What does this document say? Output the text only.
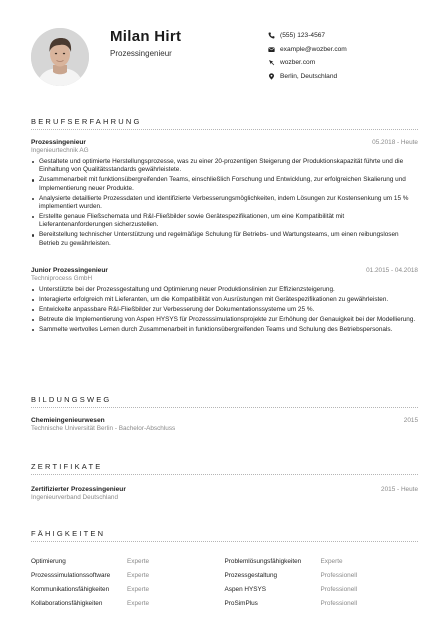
Milan Hirt
Prozessingenieur
(555) 123-4567
example@wozber.com
wozber.com
Berlin, Deutschland
BERUFSERFAHRUNG
Prozessingenieur	05.2018 - Heute
Ingenieurtechnik AG
Gestaltete und optimierte Herstellungsprozesse, was zu einer 20-prozentigen Steigerung der Produktionskapazität führte und die Einhaltung von Qualitätsstandards gewährleistete.
Zusammenarbeit mit funktionsübergreifenden Teams, einschließlich Forschung und Entwicklung, zur erfolgreichen Skalierung und Implementierung neuer Produkte.
Analysierte detaillierte Prozessdaten und identifizierte Verbesserungsmöglichkeiten, indem Lösungen zur Kostensenkung um 15 % implementiert wurden.
Erstellte genaue Fließschemata und R&I-Fließbilder sowie Gerätespezifikationen, um eine Kompatibilität mit Lieferantenanforderungen sicherzustellen.
Bereitstellung technischer Unterstützung und regelmäßige Schulung für Betriebs- und Wartungsteams, um einen reibungslosen Betrieb zu gewährleisten.
Junior Prozessingenieur	01.2015 - 04.2018
Techniprocess GmbH
Unterstützte bei der Prozessgestaltung und Optimierung neuer Produktionslinien zur Effizienzsteigerung.
Interagierte erfolgreich mit Lieferanten, um die Kompatibilität von Ausrüstungen mit Gerätespezifikationen zu gewährleisten.
Entwickelte anpassbare R&I-Fließbilder zur Verbesserung der Dokumentationssysteme um 25 %.
Betreute die Implementierung von Aspen HYSYS für Prozesssimulationsprojekte zur Erhöhung der Genauigkeit bei der Modellierung.
Sammelte wertvolles Lernen durch Zusammenarbeit in funktionsübergreifenden Teams und Schulung des Betriebspersonals.
BILDUNGSWEG
Chemieingenieurwesen	2015
Technische Universität Berlin - Bachelor-Abschluss
ZERTIFIKATE
Zertifizierter Prozessingenieur	2015 - Heute
Ingenieurverband Deutschland
FÄHIGKEITEN
Optimierung	Experte	Problemlösungsfähigkeiten	Experte
Prozesssimulationssoftware	Experte	Prozessgestaltung	Professionell
Kommunikationsfähigkeiten	Experte	Aspen HYSYS	Professionell
Kollaborationsfähigkeiten	Experte	ProSimPlus	Professionell
